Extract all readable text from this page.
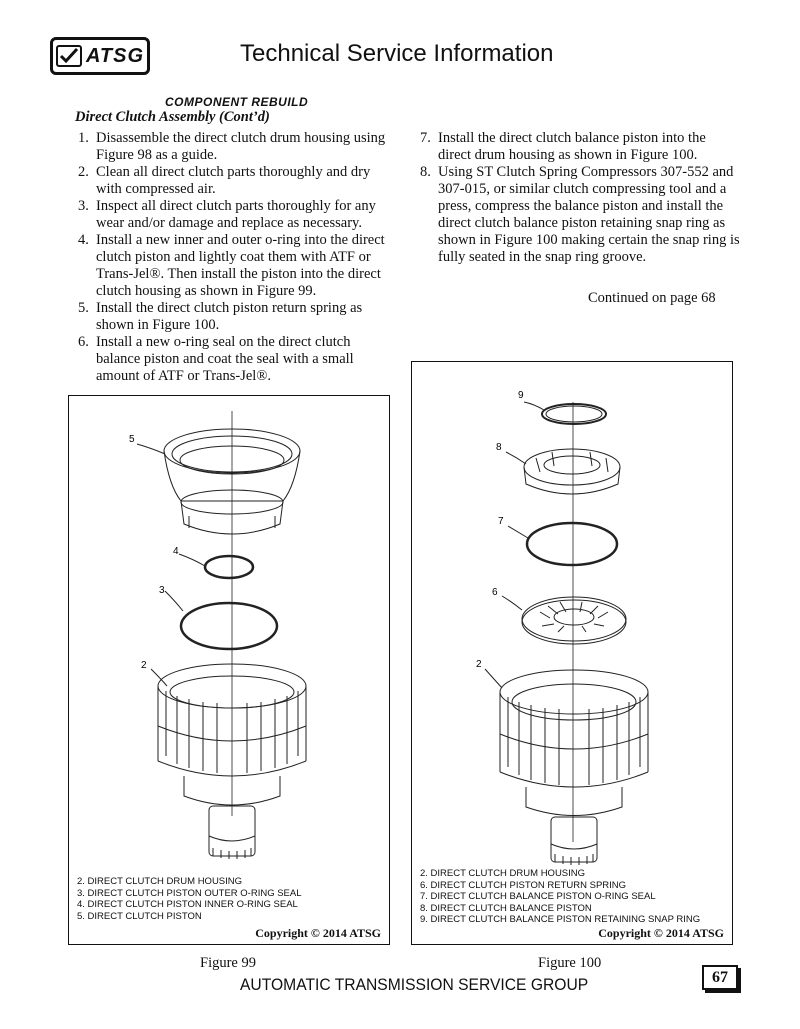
ATSG	Technical Service Information
COMPONENT REBUILD
Direct Clutch Assembly (Cont’d)
1. Disassemble the direct clutch drum housing using Figure 98 as a guide.
2. Clean all direct clutch parts thoroughly and dry with compressed air.
3. Inspect all direct clutch parts thoroughly for any wear and/or damage and replace as necessary.
4. Install a new inner and outer o-ring into the direct clutch piston and lightly coat them with ATF or Trans-Jel®. Then install the piston into the direct clutch housing as shown in Figure 99.
5. Install the direct clutch piston return spring as shown in Figure 100.
6. Install a new o-ring seal on the direct clutch balance piston and coat the seal with a small amount of ATF or Trans-Jel®.
7. Install the direct clutch balance piston into the direct drum housing as shown in Figure 100.
8. Using ST Clutch Spring Compressors 307-552 and 307-015, or similar clutch compressing tool and a press, compress the balance piston and install the direct clutch balance piston retaining snap ring as shown in Figure 100 making certain the snap ring is fully seated in the snap ring groove.
Continued on page 68
5
4
3
2
2. DIRECT CLUTCH DRUM HOUSING
3. DIRECT CLUTCH PISTON OUTER O-RING SEAL
4. DIRECT CLUTCH PISTON INNER O-RING SEAL
5. DIRECT CLUTCH PISTON
Copyright © 2014 ATSG
Figure 99
9
8
7
6
2
2. DIRECT CLUTCH DRUM HOUSING
6. DIRECT CLUTCH PISTON RETURN SPRING
7. DIRECT CLUTCH BALANCE PISTON O-RING SEAL
8. DIRECT CLUTCH BALANCE PISTON
9. DIRECT CLUTCH BALANCE PISTON RETAINING SNAP RING
Copyright © 2014 ATSG
Figure 100
AUTOMATIC TRANSMISSION SERVICE GROUP	67
